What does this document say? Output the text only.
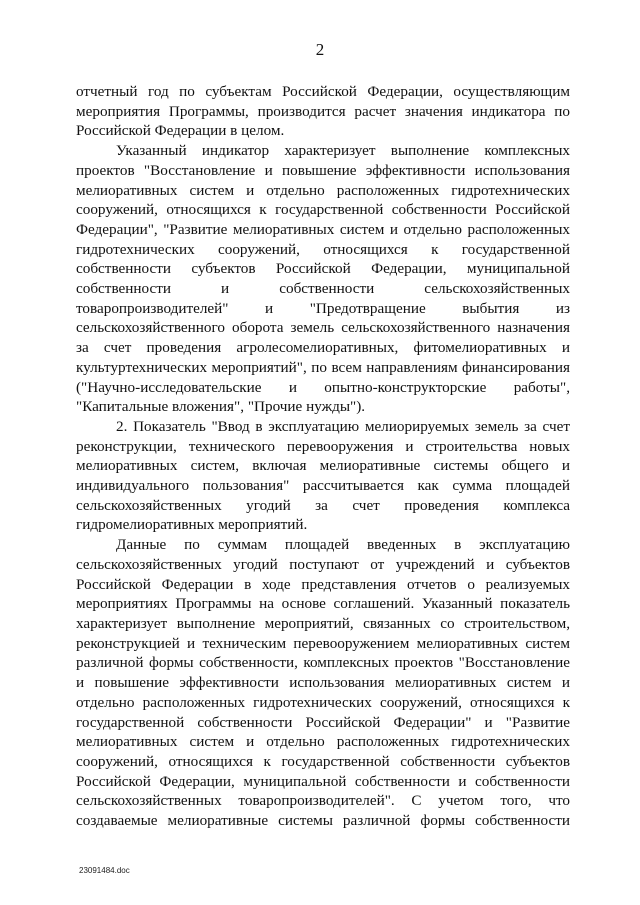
2

отчетный год по субъектам Российской Федерации, осуществляющим мероприятия Программы, производится расчет значения индикатора по Российской Федерации в целом.

Указанный индикатор характеризует выполнение комплексных проектов "Восстановление и повышение эффективности использования мелиоративных систем и отдельно расположенных гидротехнических сооружений, относящихся к государственной собственности Российской Федерации", "Развитие мелиоративных систем и отдельно расположенных гидротехнических сооружений, относящихся к государственной собственности субъектов Российской Федерации, муниципальной собственности и собственности сельскохозяйственных товаропроизводителей" и "Предотвращение выбытия из сельскохозяйственного оборота земель сельскохозяйственного назначения за счет проведения агролесомелиоративных, фитомелиоративных и культуртехнических мероприятий", по всем направлениям финансирования ("Научно-исследовательские и опытно-конструкторские работы", "Капитальные вложения", "Прочие нужды").

2. Показатель "Ввод в эксплуатацию мелиорируемых земель за счет реконструкции, технического перевооружения и строительства новых мелиоративных систем, включая мелиоративные системы общего и индивидуального пользования" рассчитывается как сумма площадей сельскохозяйственных угодий за счет проведения комплекса гидромелиоративных мероприятий.

Данные по суммам площадей введенных в эксплуатацию сельскохозяйственных угодий поступают от учреждений и субъектов Российской Федерации в ходе представления отчетов о реализуемых мероприятиях Программы на основе соглашений. Указанный показатель характеризует выполнение мероприятий, связанных со строительством, реконструкцией и техническим перевооружением мелиоративных систем различной формы собственности, комплексных проектов "Восстановление и повышение эффективности использования мелиоративных систем и отдельно расположенных гидротехнических сооружений, относящихся к государственной собственности Российской Федерации" и "Развитие мелиоративных систем и отдельно расположенных гидротехнических сооружений, относящихся к государственной собственности субъектов Российской Федерации, муниципальной собственности и собственности сельскохозяйственных товаропроизводителей". С учетом того, что создаваемые мелиоративные системы различной формы собственности

23091484.doc
